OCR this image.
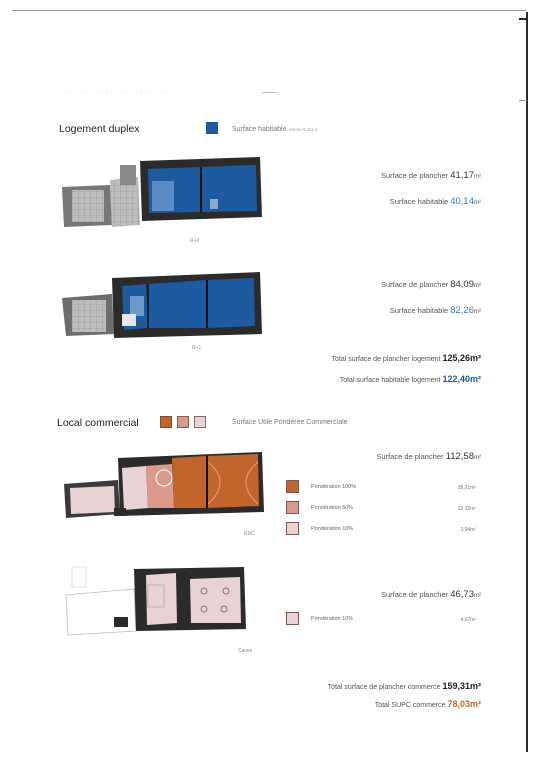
· · · · · · · · · · · · · · · · · · · · · · · ·
Logement duplex	Surface habitable Article R.111-2
R+2
Surface de plancher 41,17m²
Surface habitable 40,14m²
R+1
Surface de plancher 84,09m²
Surface habitable 82,26m²
Total surface de plancher logement 125,26m²
Total surface habitable logement 122,40m²
Local commercial	Surface Utile Pondérée Commerciale
RDC
Surface de plancher 112,58m²
Pondération 100%	38,21m²
Pondération 50%	12,32m²
Pondération 10%	3,94m²
Caves
Surface de plancher 46,73m²
Pondération 10%	4,67m²
Total surface de plancher commerce 159,31m²
Total SUPC commerce 78,03m²
